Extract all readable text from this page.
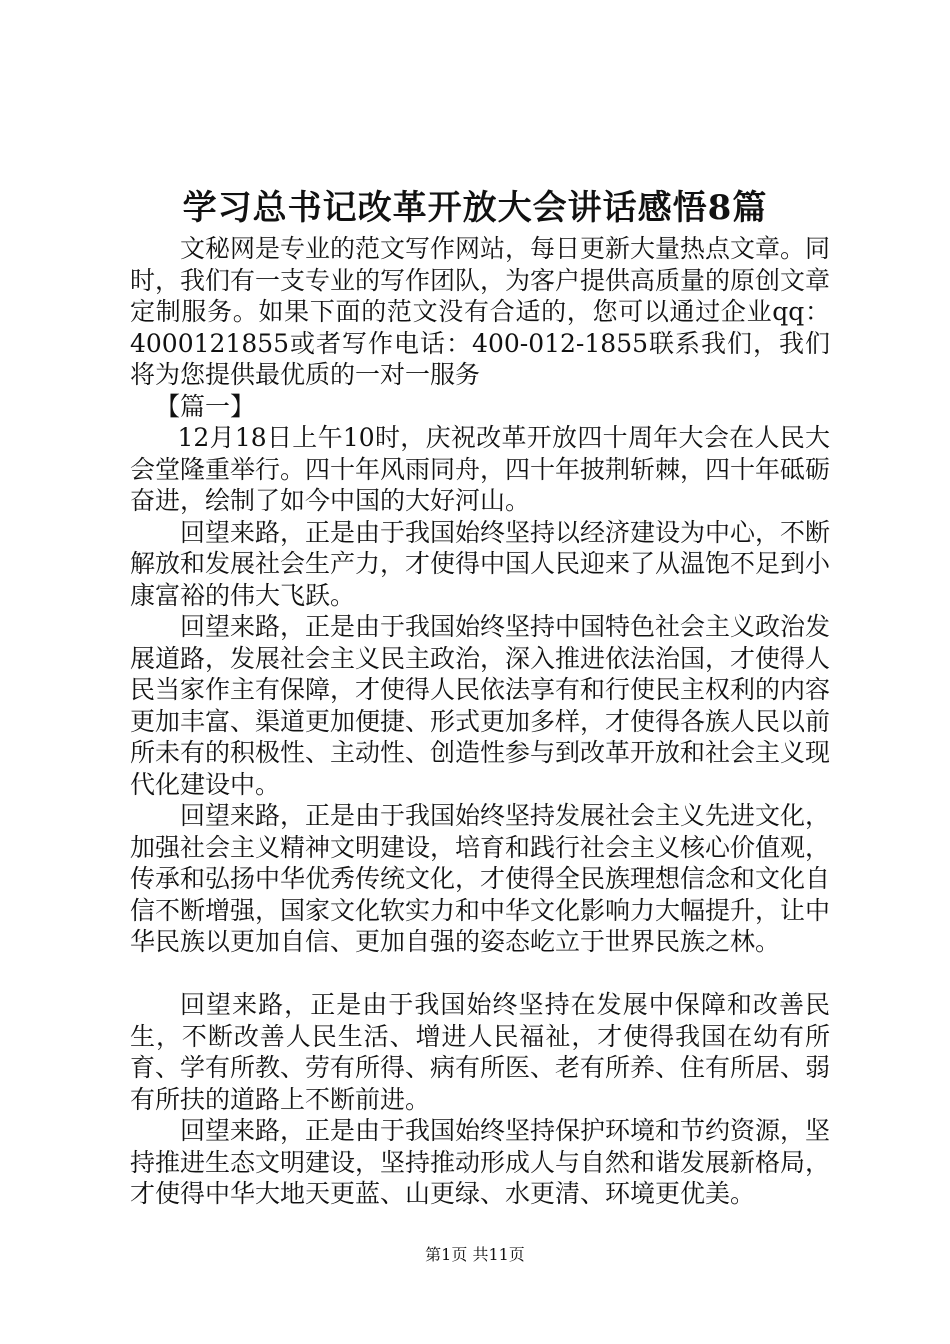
学习总书记改革开放大会讲话感悟8篇

文秘网是专业的范文写作网站，每日更新大量热点文章。同时，我们有一支专业的写作团队，为客户提供高质量的原创文章定制服务。如果下面的范文没有合适的，您可以通过企业qq：4000121855或者写作电话：400-012-1855联系我们，我们将为您提供最优质的一对一服务

【篇一】

12月18日上午10时，庆祝改革开放四十周年大会在人民大会堂隆重举行。四十年风雨同舟，四十年披荆斩棘，四十年砥砺奋进，绘制了如今中国的大好河山。

回望来路，正是由于我国始终坚持以经济建设为中心，不断解放和发展社会生产力，才使得中国人民迎来了从温饱不足到小康富裕的伟大飞跃。

回望来路，正是由于我国始终坚持中国特色社会主义政治发展道路，发展社会主义民主政治，深入推进依法治国，才使得人民当家作主有保障，才使得人民依法享有和行使民主权利的内容更加丰富、渠道更加便捷、形式更加多样，才使得各族人民以前所未有的积极性、主动性、创造性参与到改革开放和社会主义现代化建设中。

回望来路，正是由于我国始终坚持发展社会主义先进文化，加强社会主义精神文明建设，培育和践行社会主义核心价值观，传承和弘扬中华优秀传统文化，才使得全民族理想信念和文化自信不断增强，国家文化软实力和中华文化影响力大幅提升，让中华民族以更加自信、更加自强的姿态屹立于世界民族之林。

回望来路，正是由于我国始终坚持在发展中保障和改善民生，不断改善人民生活、增进人民福祉，才使得我国在幼有所育、学有所教、劳有所得、病有所医、老有所养、住有所居、弱有所扶的道路上不断前进。

回望来路，正是由于我国始终坚持保护环境和节约资源，坚持推进生态文明建设，坚持推动形成人与自然和谐发展新格局，才使得中华大地天更蓝、山更绿、水更清、环境更优美。

第1页 共11页
